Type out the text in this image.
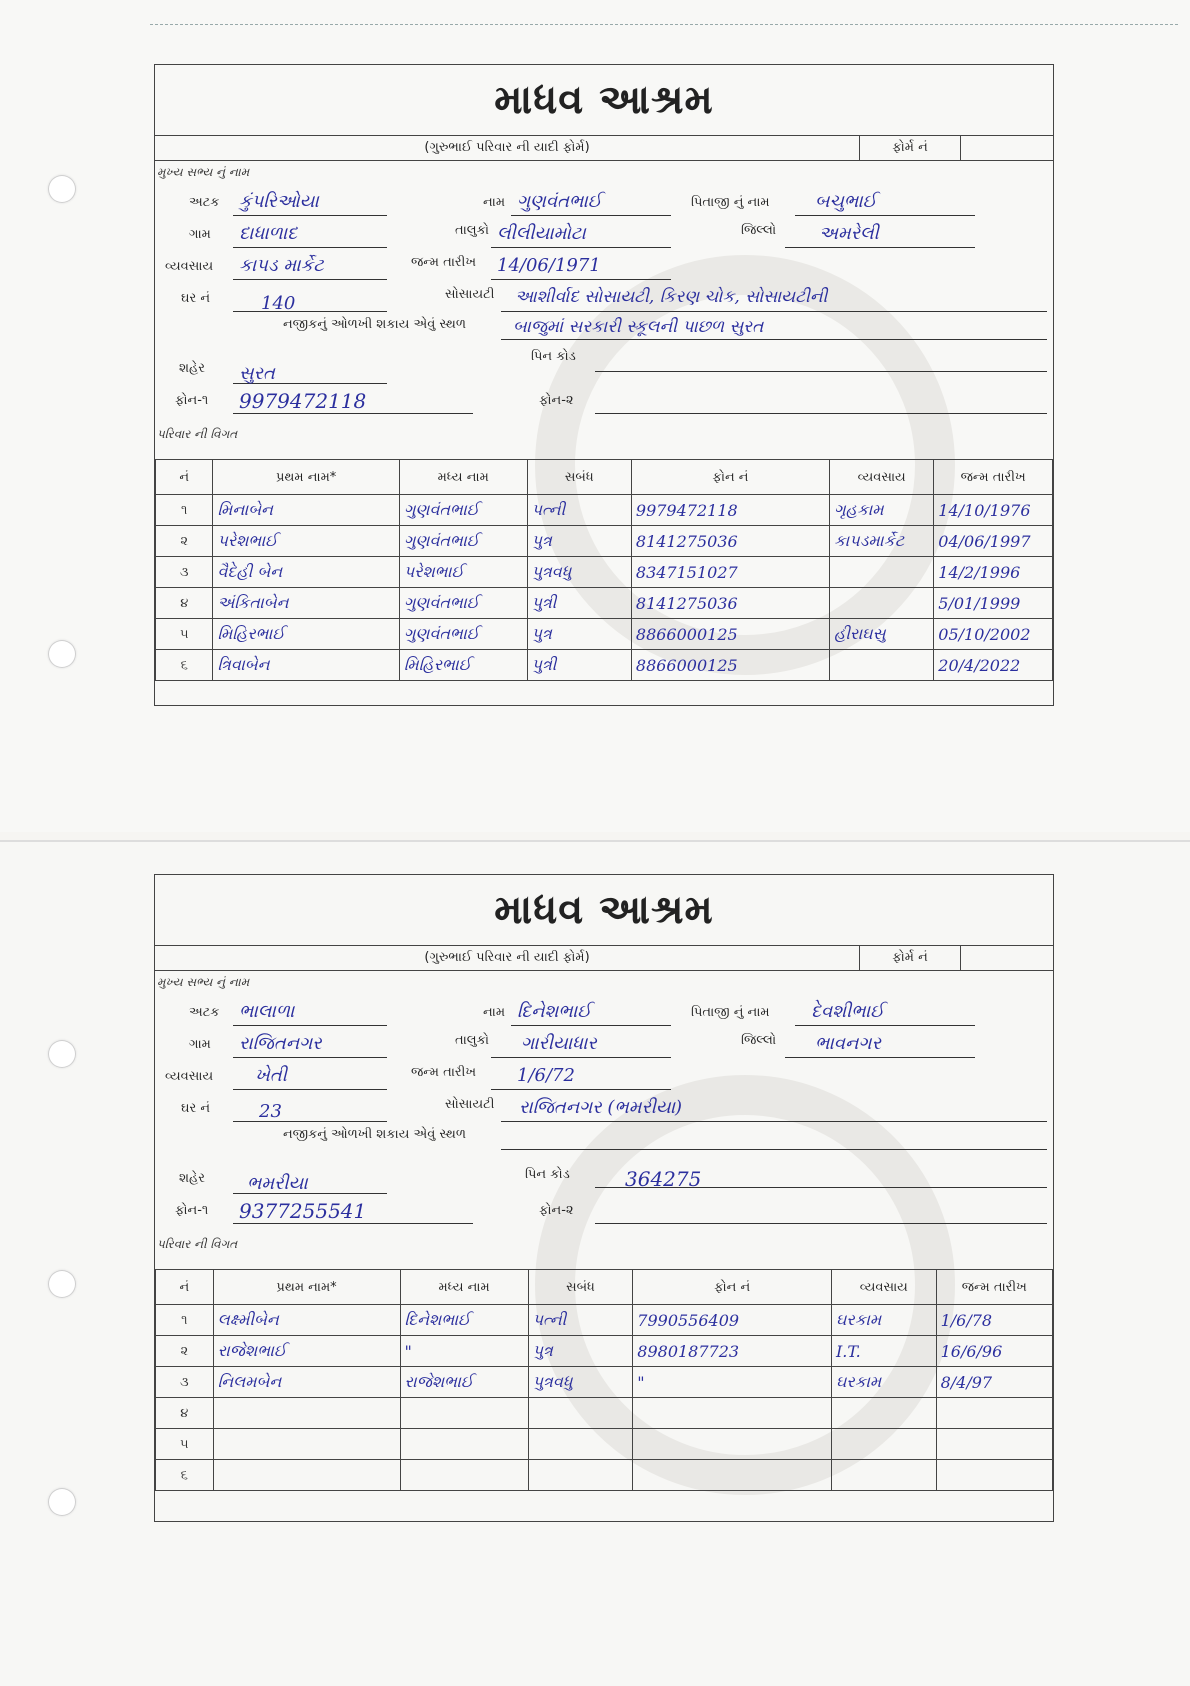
માધવ આશ્રમ
(ગુરુભાઈ પરિવાર ની યાદી ફોર્મ)	ફોર્મ નં
મુખ્ય સભ્ય નું નામ
અટક કુંપરિઓયા	નામ ગુણવંતભાઈ	પિતાજી નું નામ	બચુભાઈ
ગામ દાધાળાદ	તાલુકો લીલીયામોટા	જિલ્લો અમરેલી
વ્યવસાય કાપડ માર્કેટ	જન્મ તારીખ 14/06/1971
ઘર નં	140	સોસાયટી આશીર્વાદ સોસાયટી, કિરણ ચોક, સોસાયટીની
નજીકનું ઓળખી શકાય એવું સ્થળ	બાજુમાં સરકારી સ્કૂલની પાછળ સુરત
શહેર સુરત
પિન કોડ
ફોન-૧ 9979472118	ફોન-૨
પરિવાર ની વિગત
નં	પ્રથમ નામ*	મધ્ય નામ	સબંધ	ફોન નં	વ્યવસાય	જન્મ તારીખ
૧	મિનાબેન	ગુણવંતભાઈ	પત્ની	9979472118	ગૃહકામ	14/10/1976
૨	પરેશભાઈ	ગુણવંતભાઈ	પુત્ર	8141275036	કાપડમાર્કેટ	04/06/1997
૩	વૈદેહી બેન	પરેશભાઈ	પુત્રવધુ	8347151027		14/2/1996
૪	અંકિતાબેન	ગુણવંતભાઈ	પુત્રી	8141275036		5/01/1999
૫	મિહિરભાઈ	ગુણવંતભાઈ	પુત્ર	8866000125	હીરાઘસુ	05/10/2002
૬	ત્રિવાબેન	મિહિરભાઈ	પુત્રી	8866000125		20/4/2022
માધવ આશ્રમ
(ગુરુભાઈ પરિવાર ની યાદી ફોર્મ)	ફોર્મ નં
મુખ્ય સભ્ય નું નામ
અટક ભાલાળા	નામ દિનેશભાઈ	પિતાજી નું નામ દેવશીભાઈ
ગામ રાજિતનગર	તાલુકો ગારીયાધાર	જિલ્લો ભાવનગર
વ્યવસાય ખેતી	જન્મ તારીખ 1/6/72
ઘર નં	23	સોસાયટી રાજિતનગર (ભમરીયા)
નજીકનું ઓળખી શકાય એવું સ્થળ
શહેર ભમરીયા	પિન કોડ	364275
ફોન-૧ 9377255541	ફોન-૨
પરિવાર ની વિગત
નં	પ્રથમ નામ*	મધ્ય નામ	સબંધ	ફોન નં	વ્યવસાય	જન્મ તારીખ
૧	લક્ષ્મીબેન	દિનેશભાઈ	પત્ની	7990556409	ઘરકામ	1/6/78
૨	રાજેશભાઈ	"	પુત્ર	8980187723	I.T.	16/6/96
૩	નિલમબેન	રાજેશભાઈ	પુત્રવધુ	"	ઘરકામ	8/4/97
૪						
૫						
૬						
